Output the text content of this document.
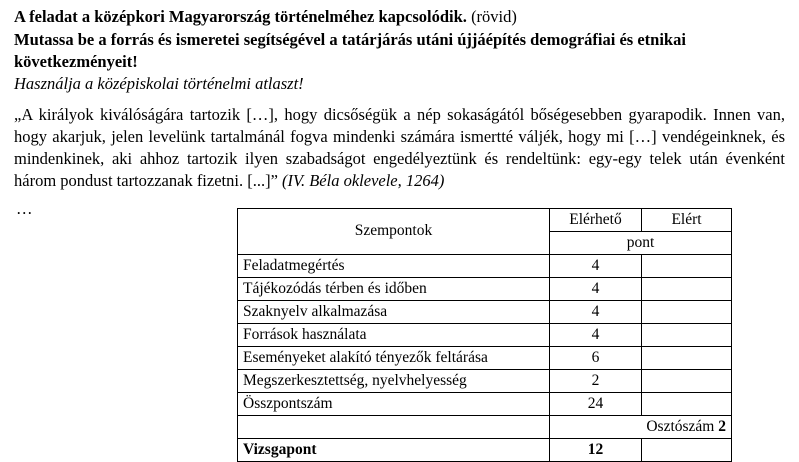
A feladat a középkori Magyarország történelméhez kapcsolódik. (rövid)
Mutassa be a forrás és ismeretei segítségével a tatárjárás utáni újjáépítés demográfiai és etnikai következményeit!
Használja a középiskolai történelmi atlaszt!
„A királyok kiválóságára tartozik […], hogy dicsőségük a nép sokaságától bőségesebben gyarapodik. Innen van, hogy akarjuk, jelen levelünk tartalmánál fogva mindenki számára ismertté váljék, hogy mi […] vendégeinknek, és mindenkinek, aki ahhoz tartozik ilyen szabadságot engedélyeztünk és rendeltünk: egy-egy telek után évenként három pondust tartozzanak fizetni. [...]” (IV. Béla oklevele, 1264)
…
Szempontok	Elérhető	Elért
	pont	
Feladatmegértés	4	
Tájékozódás térben és időben	4	
Szaknyelv alkalmazása	4	
Források használata	4	
Eseményeket alakító tényezők feltárása	6	
Megszerkesztettség, nyelvhelyesség	2	
Összpontszám	24	
	Osztószám 2	
Vizsgapont	12	
